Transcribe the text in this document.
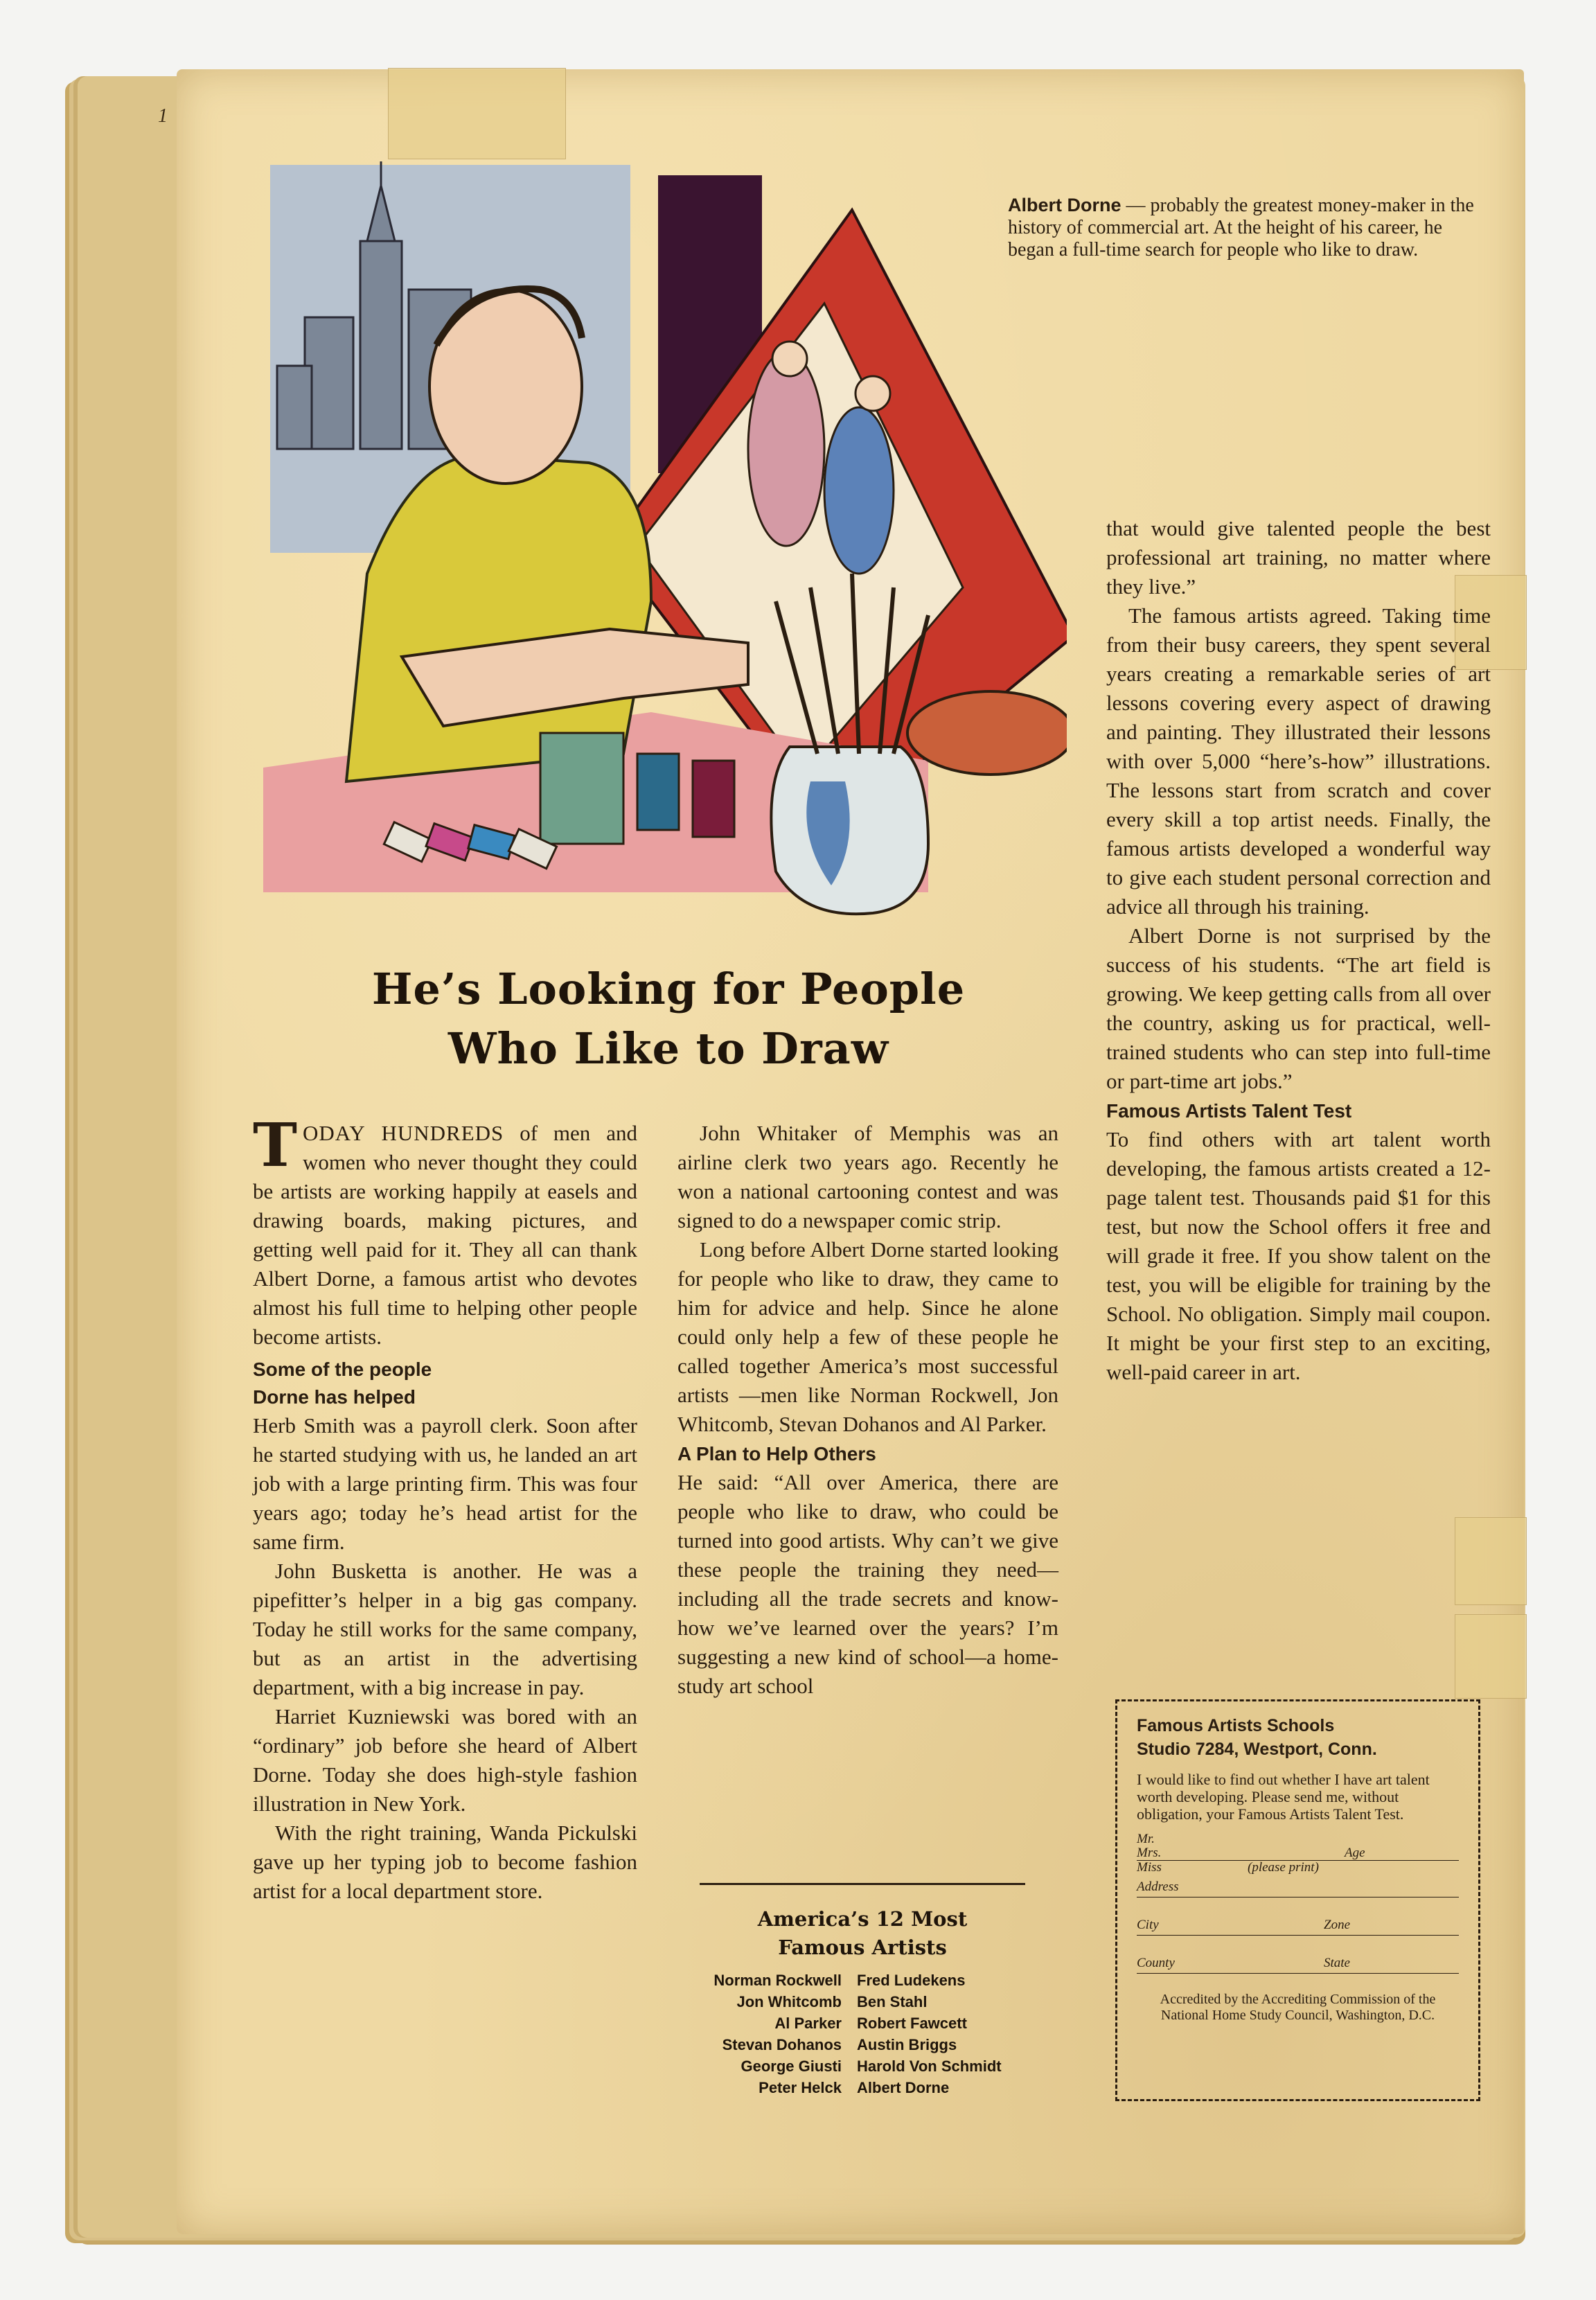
1
Albert Dorne — probably the greatest money-maker in the history of commercial art. At the height of his career, he began a full-time search for people who like to draw.
He’s Looking for People
Who Like to Draw

TODAY HUNDREDS of men and women who never thought they could be artists are working happily at easels and drawing boards, making pictures, and getting well paid for it. They all can thank Albert Dorne, a famous artist who devotes almost his full time to helping other people become artists.

Some of the people
Dorne has helped

Herb Smith was a payroll clerk. Soon after he started studying with us, he landed an art job with a large printing firm. This was four years ago; today he’s head artist for the same firm.

John Busketta is another. He was a pipefitter’s helper in a big gas company. Today he still works for the same company, but as an artist in the advertising department, with a big increase in pay.

Harriet Kuzniewski was bored with an “ordinary” job before she heard of Albert Dorne. Today she does high-style fashion illustration in New York.

With the right training, Wanda Pickulski gave up her typing job to become fashion artist for a local department store.

John Whitaker of Memphis was an airline clerk two years ago. Recently he won a national cartooning contest and was signed to do a newspaper comic strip.

Long before Albert Dorne started looking for people who like to draw, they came to him for advice and help. Since he alone could only help a few of these people he called together America’s most successful artists —men like Norman Rockwell, Jon Whitcomb, Stevan Dohanos and Al Parker.

A Plan to Help Others

He said: “All over America, there are people who like to draw, who could be turned into good artists. Why can’t we give these people the training they need—including all the trade secrets and know-how we’ve learned over the years? I’m suggesting a new kind of school—a home-study art school

America’s 12 Most
Famous Artists
Norman Rockwell	Fred Ludekens
Jon Whitcomb	Ben Stahl
Al Parker	Robert Fawcett
Stevan Dohanos	Austin Briggs
George Giusti	Harold Von Schmidt
Peter Helck	Albert Dorne

that would give talented people the best professional art training, no matter where they live.”

The famous artists agreed. Taking time from their busy careers, they spent several years creating a remarkable series of art lessons covering every aspect of drawing and painting. They illustrated their lessons with over 5,000 “here’s-how” illustrations. The lessons start from scratch and cover every skill a top artist needs. Finally, the famous artists developed a wonderful way to give each student personal correction and advice all through his training.

Albert Dorne is not surprised by the success of his students. “The art field is growing. We keep getting calls from all over the country, asking us for practical, well-trained students who can step into full-time or part-time art jobs.”

Famous Artists Talent Test

To find others with art talent worth developing, the famous artists created a 12-page talent test. Thousands paid $1 for this test, but now the School offers it free and will grade it free. If you show talent on the test, you will be eligible for training by the School. No obligation. Simply mail coupon. It might be your first step to an exciting, well-paid career in art.

Famous Artists Schools
Studio 7284, Westport, Conn.
I would like to find out whether I have art talent worth developing. Please send me, without obligation, your Famous Artists Talent Test.
Mr.
Mrs.	Age
Miss	(please print)
Address
City	Zone
County	State
Accredited by the Accrediting Commission of the National Home Study Council, Washington, D.C.
